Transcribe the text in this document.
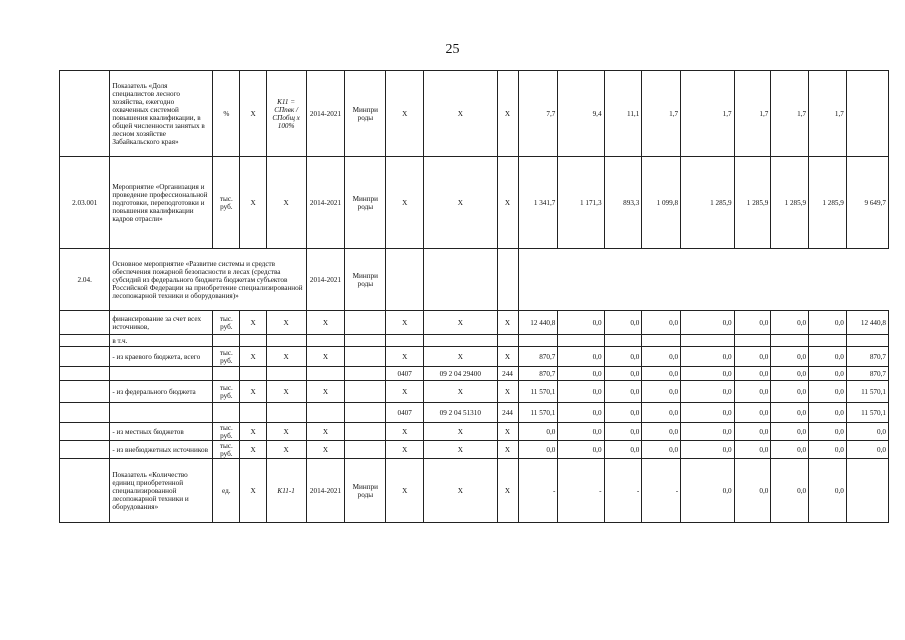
25
	Показатель «Доля специалистов лесного хозяйства, ежегодно охваченных системой повышения квалификации, в общей численности занятых в лесном хозяйстве Забайкальского края»	%	X	K11 = СПпвк / СПобщ x 100%	2014-2021	Минпри роды	X	X	X	7,7	9,4	11,1	1,7	1,7	1,7	1,7	1,7	
2.03.001	Мероприятие «Организация и проведение профессиональной подготовки, переподготовки и повышения квалификации кадров отрасли»	тыс. руб.	X	X	2014-2021	Минпри роды	X	X	X	1 341,7	1 171,3	893,3	1 099,8	1 285,9	1 285,9	1 285,9	1 285,9	9 649,7
2.04.	Основное мероприятие «Развитие системы и средств обеспечения пожарной безопасности в лесах (средства субсидий из федерального бюджета бюджетам субъектов Российской Федерации на приобретение специализированной лесопожарной техники и оборудования)»				2014-2021	Минпри роды												
	финансирование за счет всех источников,	тыс. руб.	X	X	X		X	X	X	12 440,8	0,0	0,0	0,0	0,0	0,0	0,0	0,0	12 440,8
	в т.ч.																	
	- из краевого бюджета, всего	тыс. руб.	X	X	X		X	X	X	870,7	0,0	0,0	0,0	0,0	0,0	0,0	0,0	870,7
							0407	09 2 04 29400	244	870,7	0,0	0,0	0,0	0,0	0,0	0,0	0,0	870,7
	- из федерального бюджета	тыс. руб.	X	X	X		X	X	X	11 570,1	0,0	0,0	0,0	0,0	0,0	0,0	0,0	11 570,1
							0407	09 2 04 51310	244	11 570,1	0,0	0,0	0,0	0,0	0,0	0,0	0,0	11 570,1
	- из местных бюджетов	тыс. руб.	X	X	X		X	X	X	0,0	0,0	0,0	0,0	0,0	0,0	0,0	0,0	0,0
	- из внебюджетных источников	тыс. руб.	X	X	X		X	X	X	0,0	0,0	0,0	0,0	0,0	0,0	0,0	0,0	0,0
	Показатель «Количество единиц приобретенной специализированной лесопожарной техники и оборудования»	ед.	X	K11-1	2014-2021	Минпри роды	X	X	X	-	-	-	-	0,0	0,0	0,0	0,0	
